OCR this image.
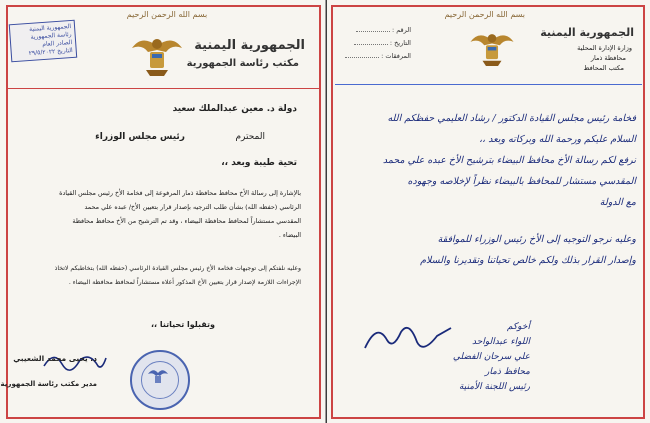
بسم الله الرحمن الرحيم
الجمهورية اليمنية
مكتب رئاسة الجمهورية
الجمهورية اليمنية
رئاسة الجمهورية
الصادر العام
التاريخ ٢٩/٥/٢٠٢٢
دولة د. معين عبدالملك سعيد
رئيس مجلس الوزراء	المحترم
تحية طيبة وبعد ،،
بالإشارة إلى رسالة الأخ محافظ محافظة ذمار المرفوعة إلى فخامة الأخ رئيس مجلس القيادة
الرئاسي (حفظه الله) بشأن طلب الترجيه بإصدار قرار بتعيين الأخ/ عبده علي محمد
المقدسي مستشاراً لمحافظ محافظة البيضاء ، وقد تم الترشيح من الأخ محافظ محافظة
البيضاء .
وعليه نلفتكم إلى توجيهات فخامة الأخ رئيس مجلس القيادة الرئاسي (حفظه الله) بتخاطبكم لاتخاذ
الإجراءات اللازمة لإصدار قرار بتعيين الأخ المذكور أعلاه مستشاراً لمحافظ محافظة البيضاء .
وتقبلوا تحياتنا ،،
د. يحيى محمد الشعيبي
مدير مكتب رئاسة الجمهورية
بسم الله الرحمن الرحيم
الجمهورية اليمنية
وزارة الإدارة المحلية
محافظة ذمار
مكتب المحافظ
الرقم :
التاريخ :
المرفقات :
فخامة رئيس مجلس القيادة الدكتور / رشاد العليمي حفظكم الله
السلام عليكم ورحمة الله وبركاته وبعد ،،
نرفع لكم رسالة الأخ محافظ البيضاء بترشيح الأخ عبده علي محمد
المقدسي مستشار للمحافظ بالبيضاء نظراً لإخلاصه وجهوده
مع الدولة
وعليه نرجو التوجيه إلى الأخ رئيس الوزراء للموافقة
وإصدار القرار بذلك ولكم خالص تحياتنا وتقديرنا والسلام
أخوكم
اللواء عبدالواحد
علي سرحان الفضلي
محافظ ذمار
رئيس اللجنة الأمنية
